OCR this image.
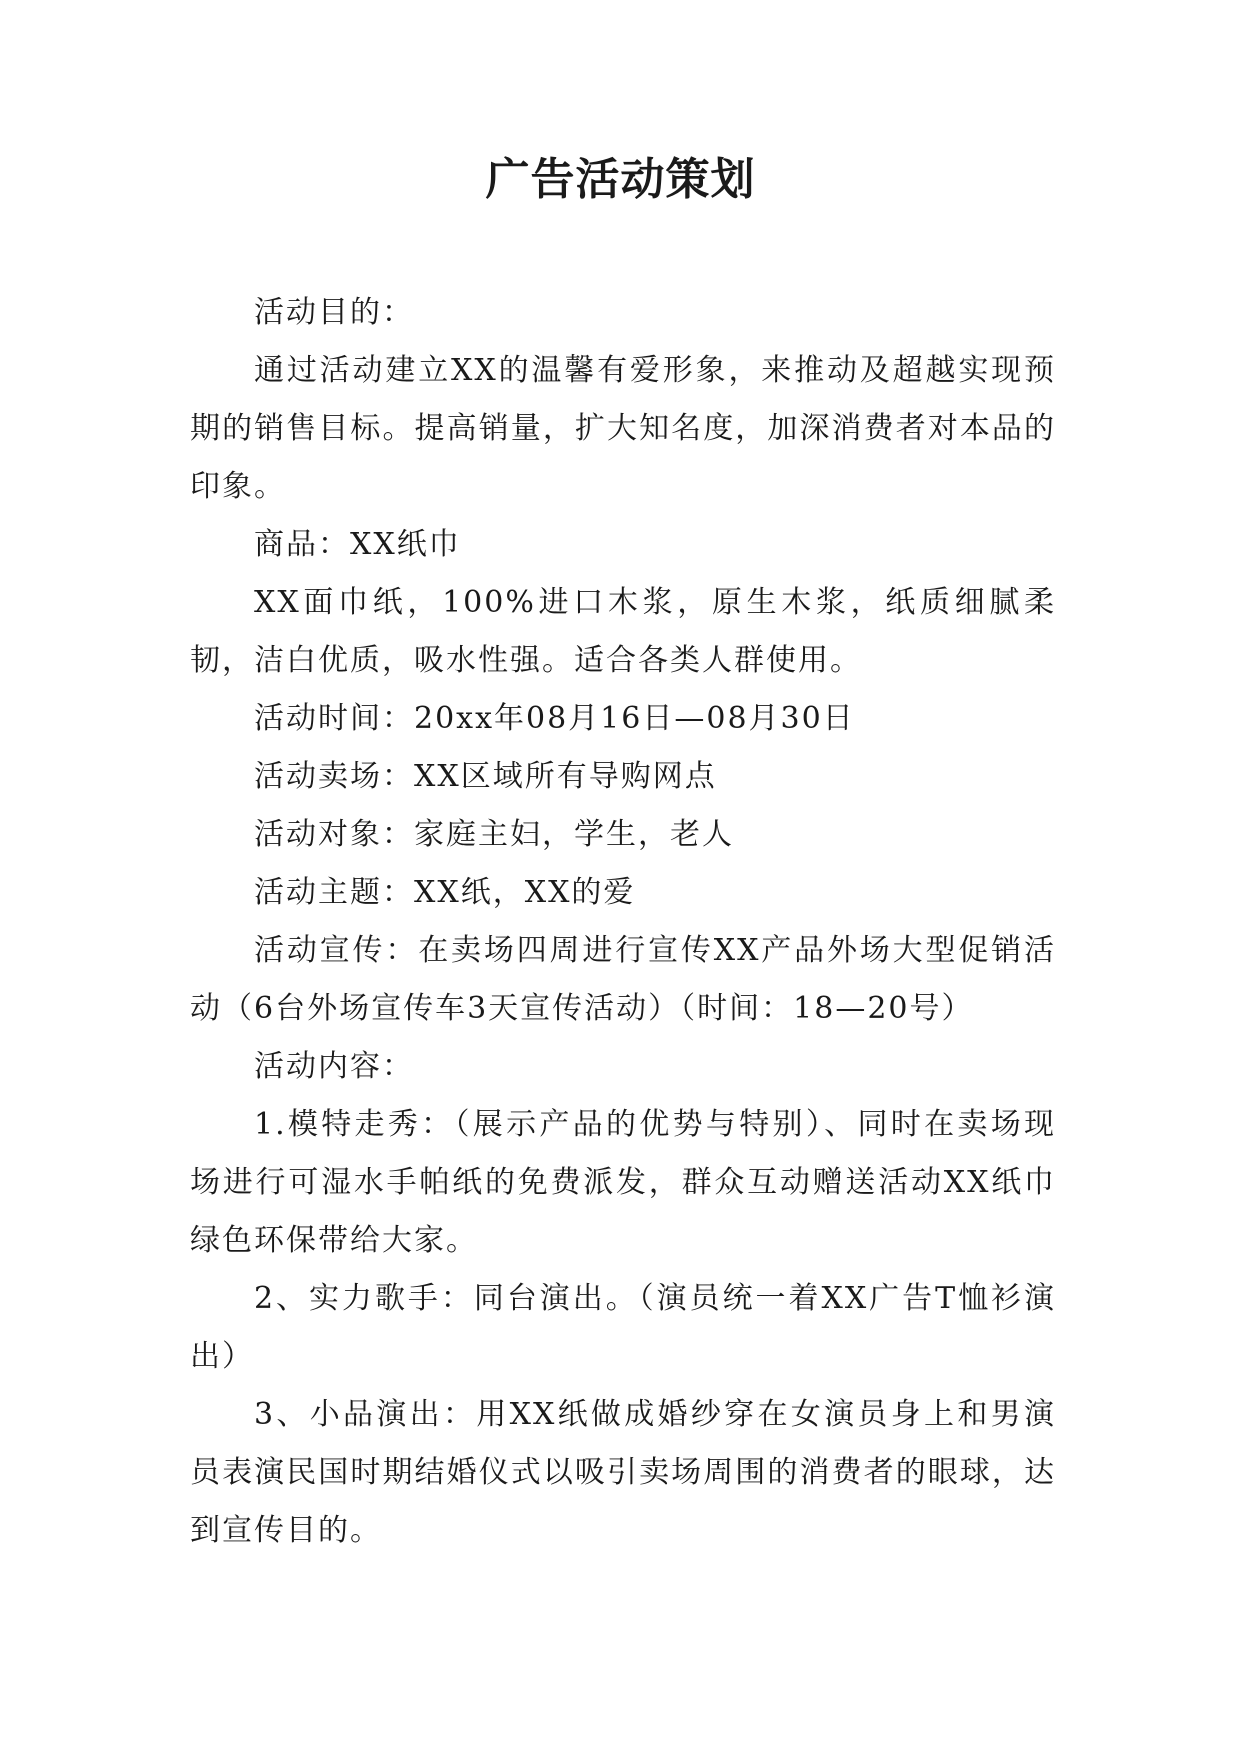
广告活动策划

活动目的：

通过活动建立XX的温馨有爱形象，来推动及超越实现预期的销售目标。提高销量，扩大知名度，加深消费者对本品的印象。

商品：XX纸巾

XX面巾纸，100%进口木浆，原生木浆，纸质细腻柔韧，洁白优质，吸水性强。适合各类人群使用。

活动时间：20xx年08月16日—08月30日

活动卖场：XX区域所有导购网点

活动对象：家庭主妇，学生，老人

活动主题：XX纸，XX的爱

活动宣传：在卖场四周进行宣传XX产品外场大型促销活动（6台外场宣传车3天宣传活动）（时间：18—20号）

活动内容：

1.模特走秀：（展示产品的优势与特别）、同时在卖场现场进行可湿水手帕纸的免费派发，群众互动赠送活动XX纸巾绿色环保带给大家。

2、实力歌手：同台演出。（演员统一着XX广告T恤衫演出）

3、小品演出：用XX纸做成婚纱穿在女演员身上和男演员表演民国时期结婚仪式以吸引卖场周围的消费者的眼球，达到宣传目的。
